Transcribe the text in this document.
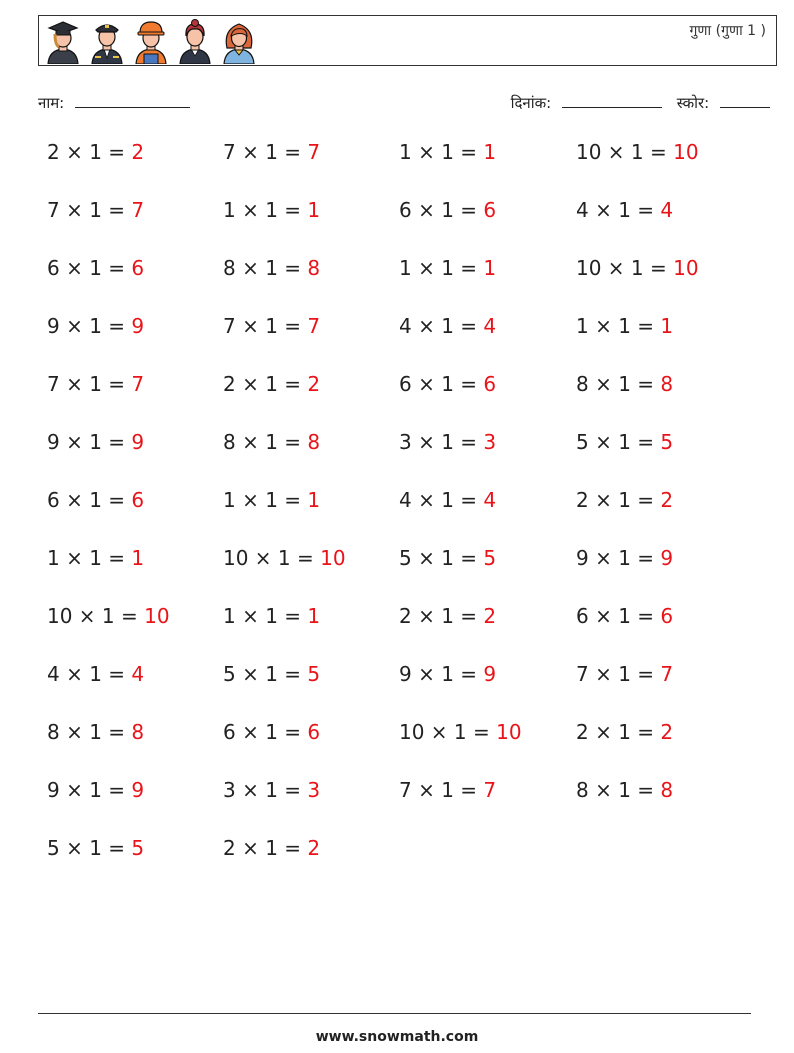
गुणा (गुणा 1 )
नाम:	दिनांक:	स्कोर:
2 × 1 = 2	7 × 1 = 7	1 × 1 = 1	10 × 1 = 10
7 × 1 = 7	1 × 1 = 1	6 × 1 = 6	4 × 1 = 4
6 × 1 = 6	8 × 1 = 8	1 × 1 = 1	10 × 1 = 10
9 × 1 = 9	7 × 1 = 7	4 × 1 = 4	1 × 1 = 1
7 × 1 = 7	2 × 1 = 2	6 × 1 = 6	8 × 1 = 8
9 × 1 = 9	8 × 1 = 8	3 × 1 = 3	5 × 1 = 5
6 × 1 = 6	1 × 1 = 1	4 × 1 = 4	2 × 1 = 2
1 × 1 = 1	10 × 1 = 10	5 × 1 = 5	9 × 1 = 9
10 × 1 = 10	1 × 1 = 1	2 × 1 = 2	6 × 1 = 6
4 × 1 = 4	5 × 1 = 5	9 × 1 = 9	7 × 1 = 7
8 × 1 = 8	6 × 1 = 6	10 × 1 = 10	2 × 1 = 2
9 × 1 = 9	3 × 1 = 3	7 × 1 = 7	8 × 1 = 8
5 × 1 = 5	2 × 1 = 2
www.snowmath.com
